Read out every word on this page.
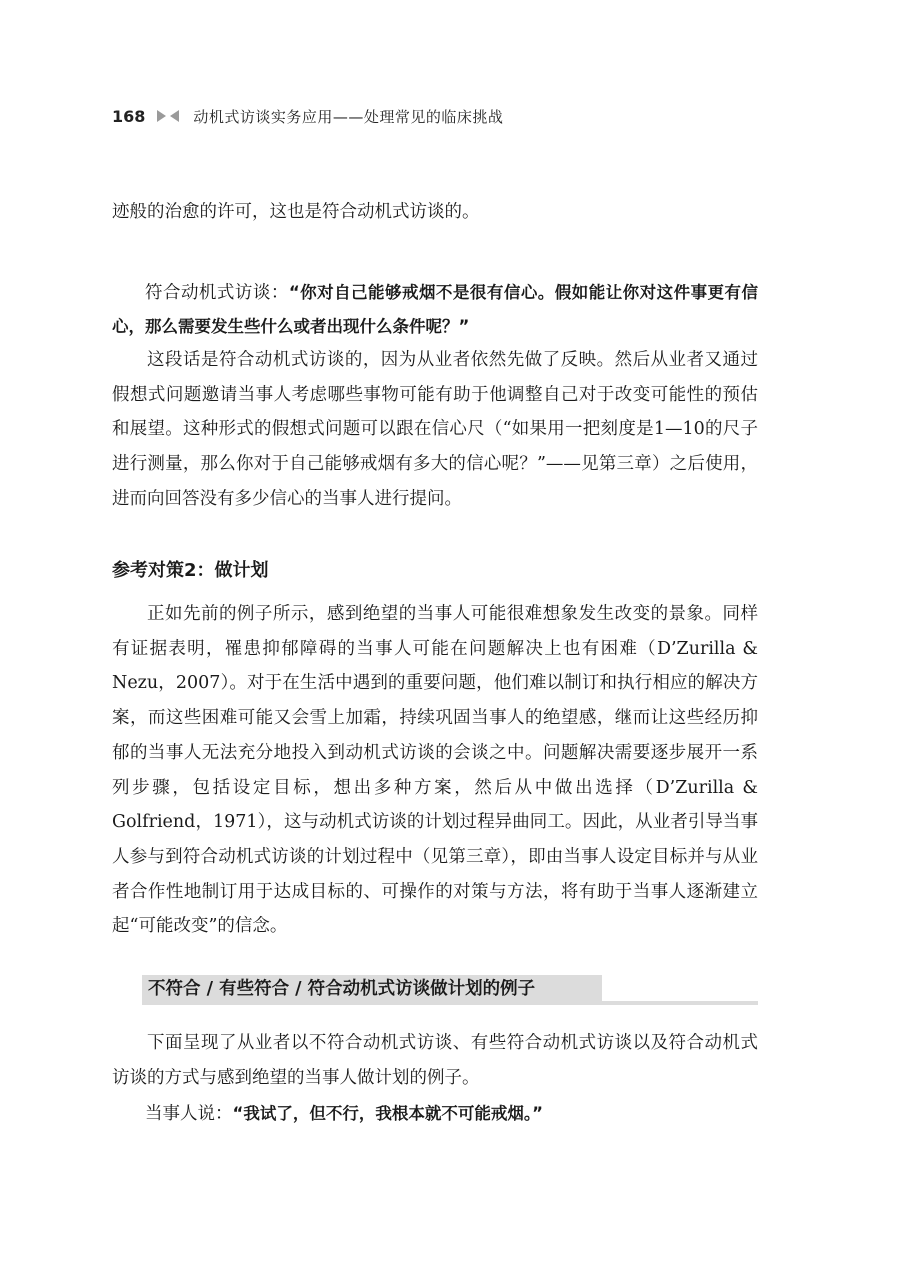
168	动机式访谈实务应用——处理常见的临床挑战

迹般的治愈的许可，这也是符合动机式访谈的。

符合动机式访谈：“你对自己能够戒烟不是很有信心。假如能让你对这件事更有信心，那么需要发生些什么或者出现什么条件呢？”

这段话是符合动机式访谈的，因为从业者依然先做了反映。然后从业者又通过假想式问题邀请当事人考虑哪些事物可能有助于他调整自己对于改变可能性的预估和展望。这种形式的假想式问题可以跟在信心尺（“如果用一把刻度是1—10的尺子进行测量，那么你对于自己能够戒烟有多大的信心呢？”——见第三章）之后使用，进而向回答没有多少信心的当事人进行提问。

参考对策2：做计划

正如先前的例子所示，感到绝望的当事人可能很难想象发生改变的景象。同样有证据表明，罹患抑郁障碍的当事人可能在问题解决上也有困难（D’Zurilla & Nezu，2007）。对于在生活中遇到的重要问题，他们难以制订和执行相应的解决方案，而这些困难可能又会雪上加霜，持续巩固当事人的绝望感，继而让这些经历抑郁的当事人无法充分地投入到动机式访谈的会谈之中。问题解决需要逐步展开一系列步骤，包括设定目标，想出多种方案，然后从中做出选择（D’Zurilla & Golfriend，1971），这与动机式访谈的计划过程异曲同工。因此，从业者引导当事人参与到符合动机式访谈的计划过程中（见第三章），即由当事人设定目标并与从业者合作性地制订用于达成目标的、可操作的对策与方法，将有助于当事人逐渐建立起“可能改变”的信念。

不符合 / 有些符合 / 符合动机式访谈做计划的例子

下面呈现了从业者以不符合动机式访谈、有些符合动机式访谈以及符合动机式访谈的方式与感到绝望的当事人做计划的例子。

当事人说：“我试了，但不行，我根本就不可能戒烟。”
